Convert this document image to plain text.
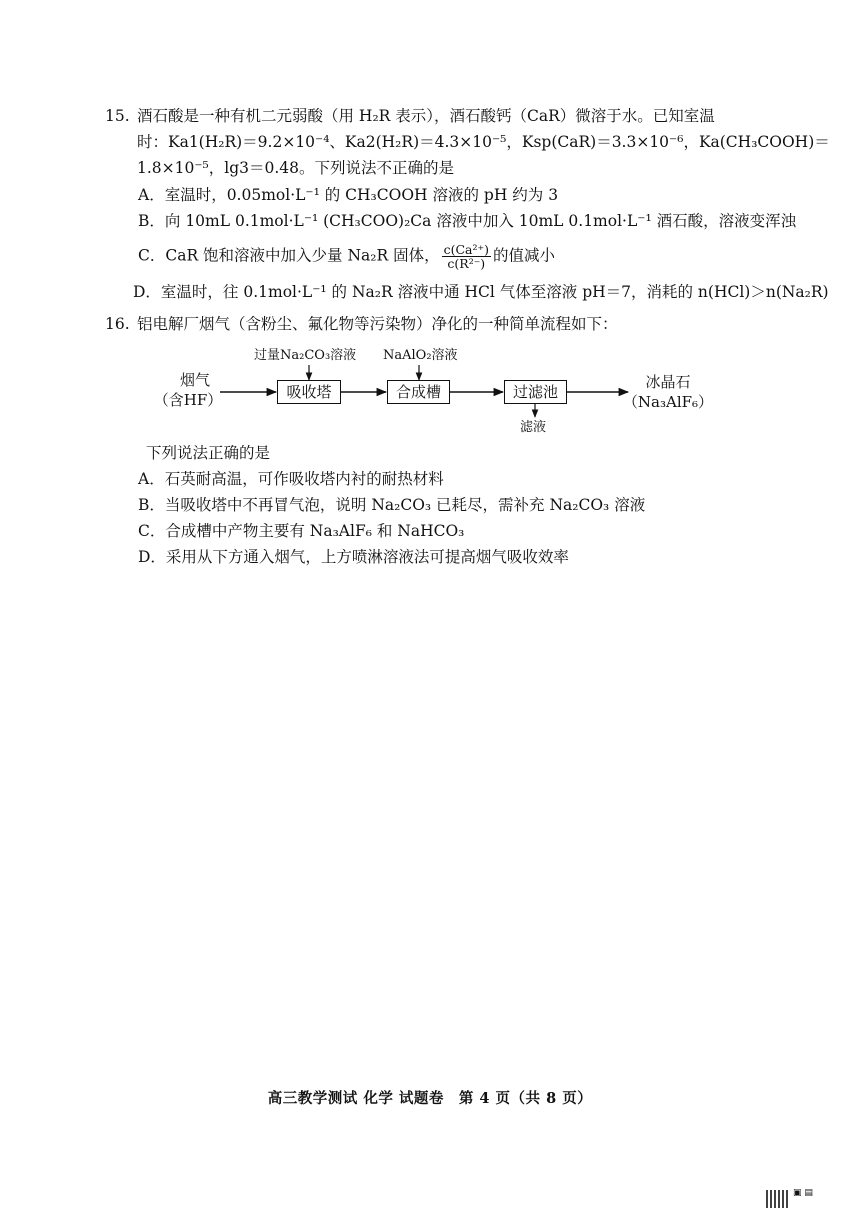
15. 酒石酸是一种有机二元弱酸（用 H₂R 表示），酒石酸钙（CaR）微溶于水。已知室温
时：Ka1(H₂R)＝9.2×10⁻⁴、Ka2(H₂R)＝4.3×10⁻⁵，Ksp(CaR)＝3.3×10⁻⁶，Ka(CH₃COOH)＝
1.8×10⁻⁵，lg3＝0.48。下列说法不正确的是
A．室温时，0.05mol·L⁻¹ 的 CH₃COOH 溶液的 pH 约为 3
B．向 10mL 0.1mol·L⁻¹ (CH₃COO)₂Ca 溶液中加入 10mL 0.1mol·L⁻¹ 酒石酸，溶液变浑浊
C．CaR 饱和溶液中加入少量 Na₂R 固体， $\frac{\text{c(Ca²⁺)}}{\text{c(R²⁻)}}$ 的值减小
D．室温时，往 0.1mol·L⁻¹ 的 Na₂R 溶液中通 HCl 气体至溶液 pH＝7，消耗的 n(HCl)＞n(Na₂R)
16. 铝电解厂烟气（含粉尘、氟化物等污染物）净化的一种简单流程如下：
烟气
（含HF）
过量Na₂CO₃溶液 NaAlO₂溶液
吸收塔	合成槽	过滤池
冰晶石
（Na₃AlF₆）
滤液
下列说法正确的是
A．石英耐高温，可作吸收塔内衬的耐热材料
B．当吸收塔中不再冒气泡，说明 Na₂CO₃ 已耗尽，需补充 Na₂CO₃ 溶液
C．合成槽中产物主要有 Na₃AlF₆ 和 NaHCO₃
D．采用从下方通入烟气，上方喷淋溶液法可提高烟气吸收效率
高三教学测试 化学 试题卷　第 4 页（共 8 页）
▣ ▤
